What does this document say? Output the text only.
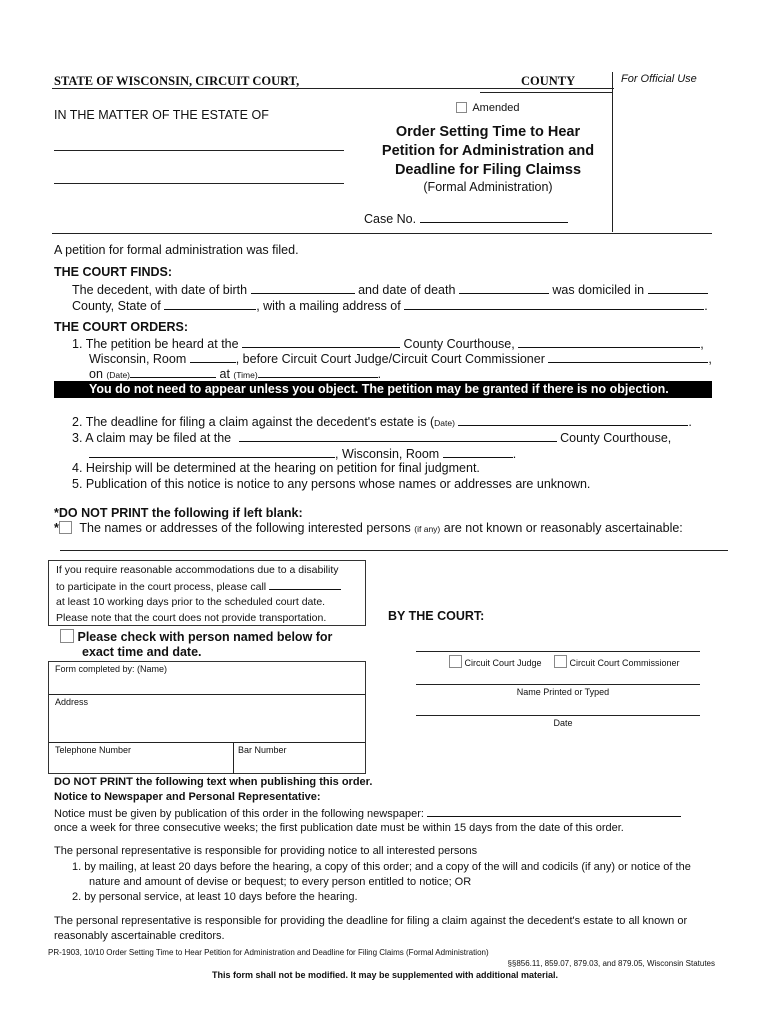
STATE OF WISCONSIN, CIRCUIT COURT,	COUNTY	For Official Use
Amended
IN THE MATTER OF THE ESTATE OF
Order Setting Time to Hear
Petition for Administration and
Deadline for Filing Claimss
(Formal Administration)
Case No.
A petition for formal administration was filed.
THE COURT FINDS:
The decedent, with date of birth	and date of death	was domiciled in
County, State of	, with a mailing address of	.
THE COURT ORDERS:
1. The petition be heard at the	County Courthouse,	,
Wisconsin, Room	, before Circuit Court Judge/Circuit Court Commissioner	,
on (Date)	at (Time)	.
You do not need to appear unless you object. The petition may be granted if there is no objection.
2. The deadline for filing a claim against the decedent's estate is (Date)	.
3. A claim may be filed at the	County Courthouse,
, Wisconsin, Room	.
4. Heirship will be determined at the hearing on petition for final judgment.
5. Publication of this notice is notice to any persons whose names or addresses are unknown.
*DO NOT PRINT the following if left blank:
* The names or addresses of the following interested persons (if any) are not known or reasonably ascertainable:
If you require reasonable accommodations due to a disability
to participate in the court process, please call
at least 10 working days prior to the scheduled court date.
Please note that the court does not provide transportation.
Please check with person named below for
exact time and date.
Form completed by: (Name)
Address
Telephone Number	Bar Number
BY THE COURT:
Circuit Court Judge	Circuit Court Commissioner
Name Printed or Typed
Date
DO NOT PRINT the following text when publishing this order.
Notice to Newspaper and Personal Representative:
Notice must be given by publication of this order in the following newspaper:
once a week for three consecutive weeks; the first publication date must be within 15 days from the date of this order.
The personal representative is responsible for providing notice to all interested persons
1. by mailing, at least 20 days before the hearing, a copy of this order; and a copy of the will and codicils (if any) or notice of the
nature and amount of devise or bequest; to every person entitled to notice; OR
2. by personal service, at least 10 days before the hearing.
The personal representative is responsible for providing the deadline for filing a claim against the decedent's estate to all known or
reasonably ascertainable creditors.
PR-1903, 10/10 Order Setting Time to Hear Petition for Administration and Deadline for Filing Claims (Formal Administration)
§§856.11, 859.07, 879.03, and 879.05, Wisconsin Statutes
This form shall not be modified. It may be supplemented with additional material.
